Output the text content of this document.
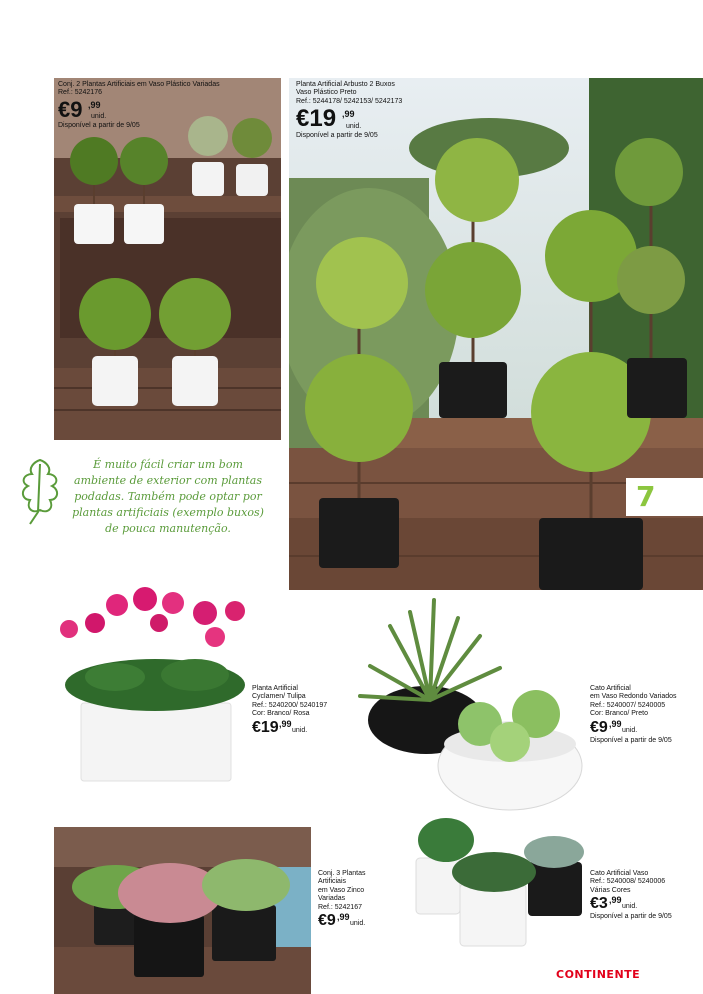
Conj. 2 Plantas Artificiais em Vaso Plástico Variadas
Ref.: 5242176
€9 ,99
unid.
Disponível a partir de 9/05
Planta Artificial Arbusto 2 Buxos
Vaso Plástico Preto
Ref.: 5244178/ 5242153/ 5242173
€19 ,99
unid.
Disponível a partir de 9/05
7
É muito fácil criar um bom
ambiente de exterior com plantas
podadas. Também pode optar por
plantas artificiais (exemplo buxos)
de pouca manutenção.
Planta Artificial
Cyclamen/ Tulipa
Ref.: 5240200/ 5240197
Cor: Branco/ Rosa
€19 ,99
unid.
Cato Artificial
em Vaso Redondo Variados
Ref.: 5240007/ 5240005
Cor: Branco/ Preto
€9 ,99
unid.
Disponível a partir de 9/05
Conj. 3 Plantas
Artificiais
em Vaso Zinco
Variadas
Ref.: 5242167
€9 ,99
unid.
Cato Artificial Vaso
Ref.: 5240008/ 5240006
Várias Cores
€3 ,99
unid.
Disponível a partir de 9/05
CONTINENTE
